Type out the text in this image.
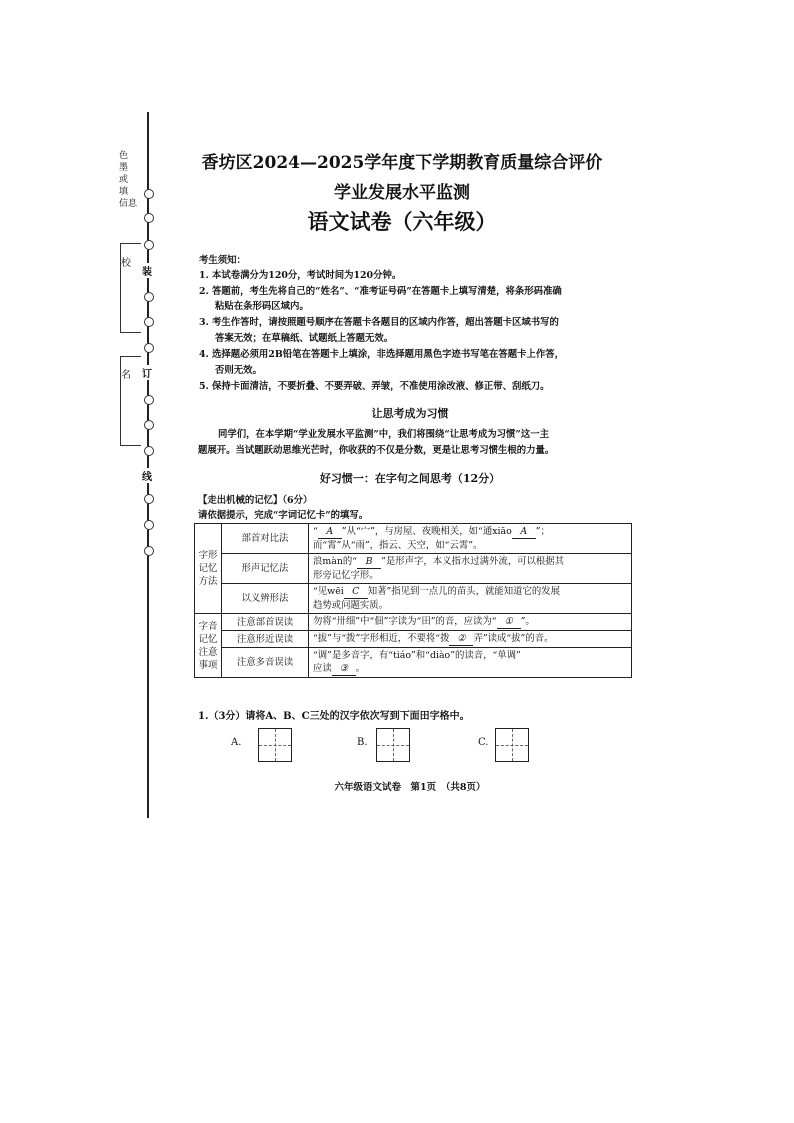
色
墨
或
填
信息
校
名
装
订
线
香坊区2024—2025学年度下学期教育质量综合评价
学业发展水平监测
语文试卷（六年级）
考生须知：
1. 本试卷满分为120分，考试时间为120分钟。
2. 答题前，考生先将自己的“姓名”、“准考证号码”在答题卡上填写清楚，将条形码准确
粘贴在条形码区域内。
3. 考生作答时，请按照题号顺序在答题卡各题目的区域内作答，超出答题卡区域书写的
答案无效；在草稿纸、试题纸上答题无效。
4. 选择题必须用2B铅笔在答题卡上填涂，非选择题用黑色字迹书写笔在答题卡上作答，
否则无效。
5. 保持卡面清洁，不要折叠、不要弄破、弄皱，不准使用涂改液、修正带、刮纸刀。
让思考成为习惯
同学们，在本学期“学业发展水平监测”中，我们将围绕“让思考成为习惯”这一主
题展开。当试题跃动思维光芒时，你收获的不仅是分数，更是让思考习惯生根的力量。
好习惯一：在字句之间思考（12分）
【走出机械的记忆】（6分）
请依据提示，完成“字词记忆卡”的填写。
字形记忆方法	部首对比法	“ A ”从“宀”，与房屋、夜晚相关，如“通xiāo A ”；
而“霄”从“雨”，指云、天空，如“云霄”。
	形声记忆法	浪màn的“ B ”是形声字，本义指水过满外流，可以根据其
形旁记忆字形。
	以义辨形法	“见wēi C 知著”指见到一点儿的苗头，就能知道它的发展
趋势或问题实质。
字音记忆注意事项	注意部首误读	勿将“卅细”中“佃”字读为“田”的音，应读为“ ① ”。
	注意形近误读	“拔”与“拨”字形相近，不要将“拨 ② 弄”读成“拔”的音。
	注意多音误读	“调”是多音字，有“tiáo”和“diào”的读音，“单调”
应读 ③ 。
1.（3分）请将A、B、C三处的汉字依次写到下面田字格中。
A.	B.	C.
六年级语文试卷　第1页　（共8页）
